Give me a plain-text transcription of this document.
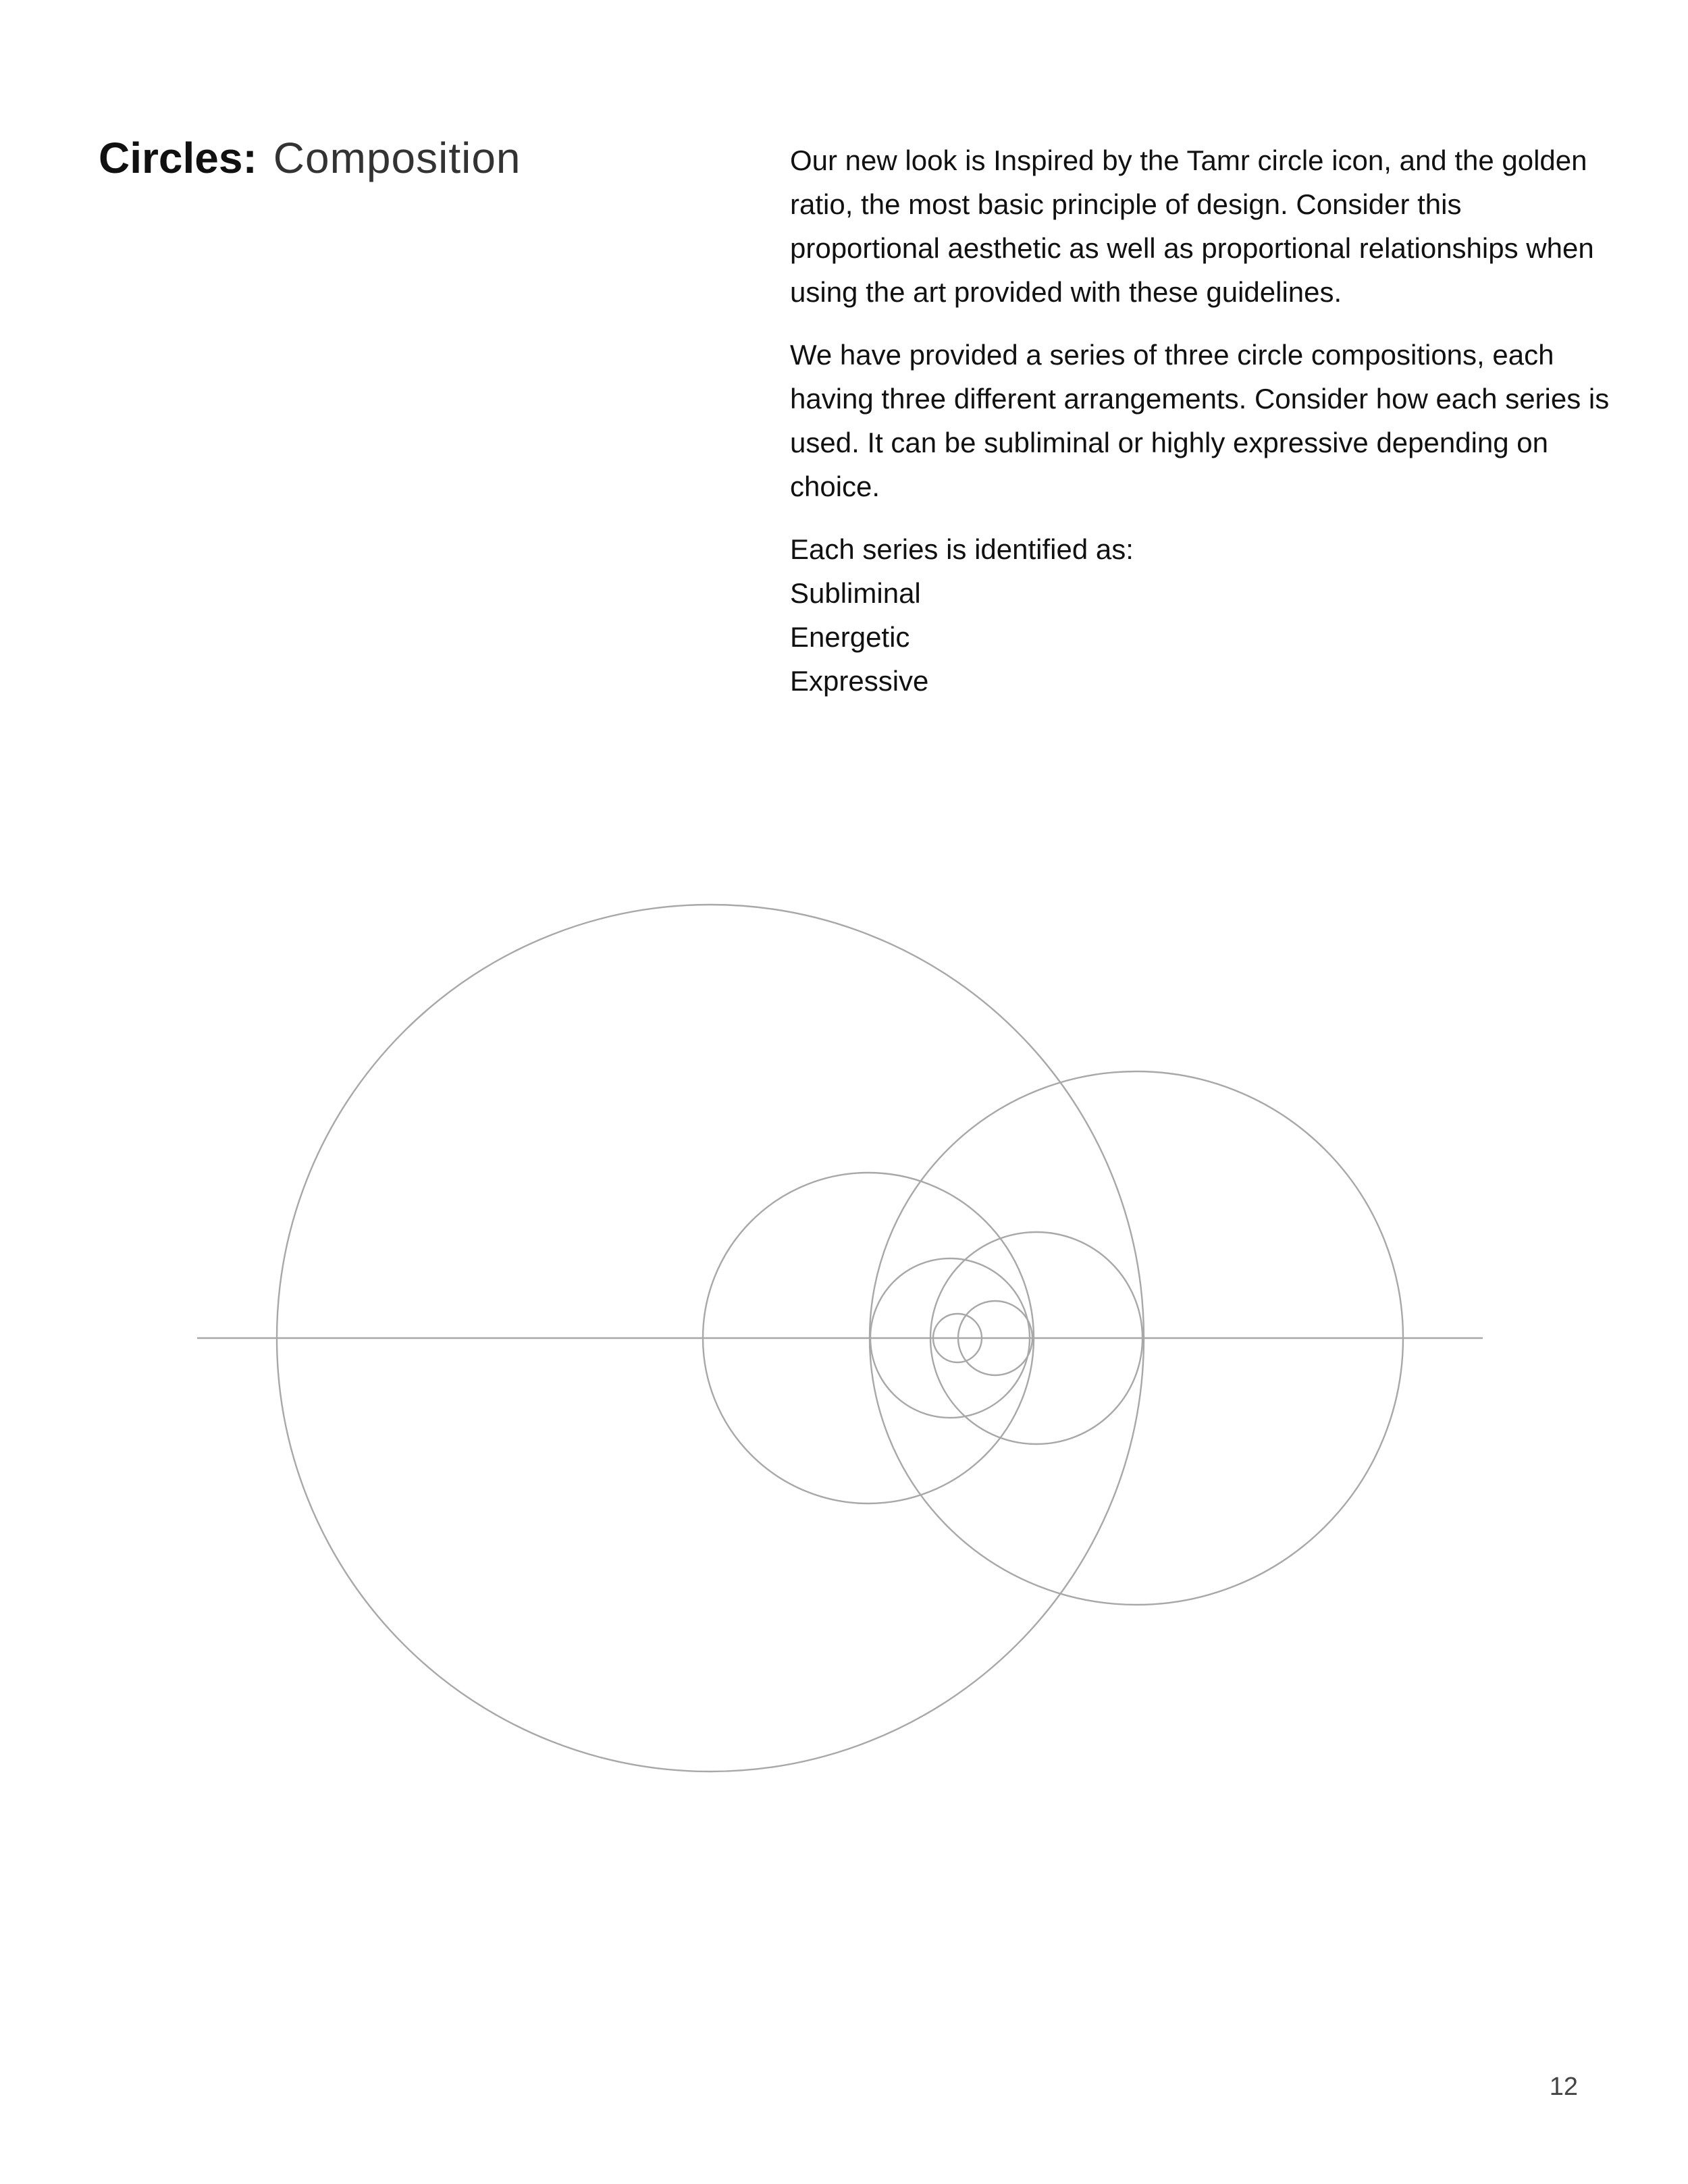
Circles: Composition	Our new look is Inspired by the Tamr circle icon, and the golden ratio, the most basic principle of design. Consider this proportional aesthetic as well as proportional relationships when using the art provided with these guidelines.

We have provided a series of three circle compositions, each having three different arrangements. Consider how each series is used. It can be subliminal or highly expressive depending on choice.

Each series is identified as:
Subliminal
Energetic
Expressive
12
